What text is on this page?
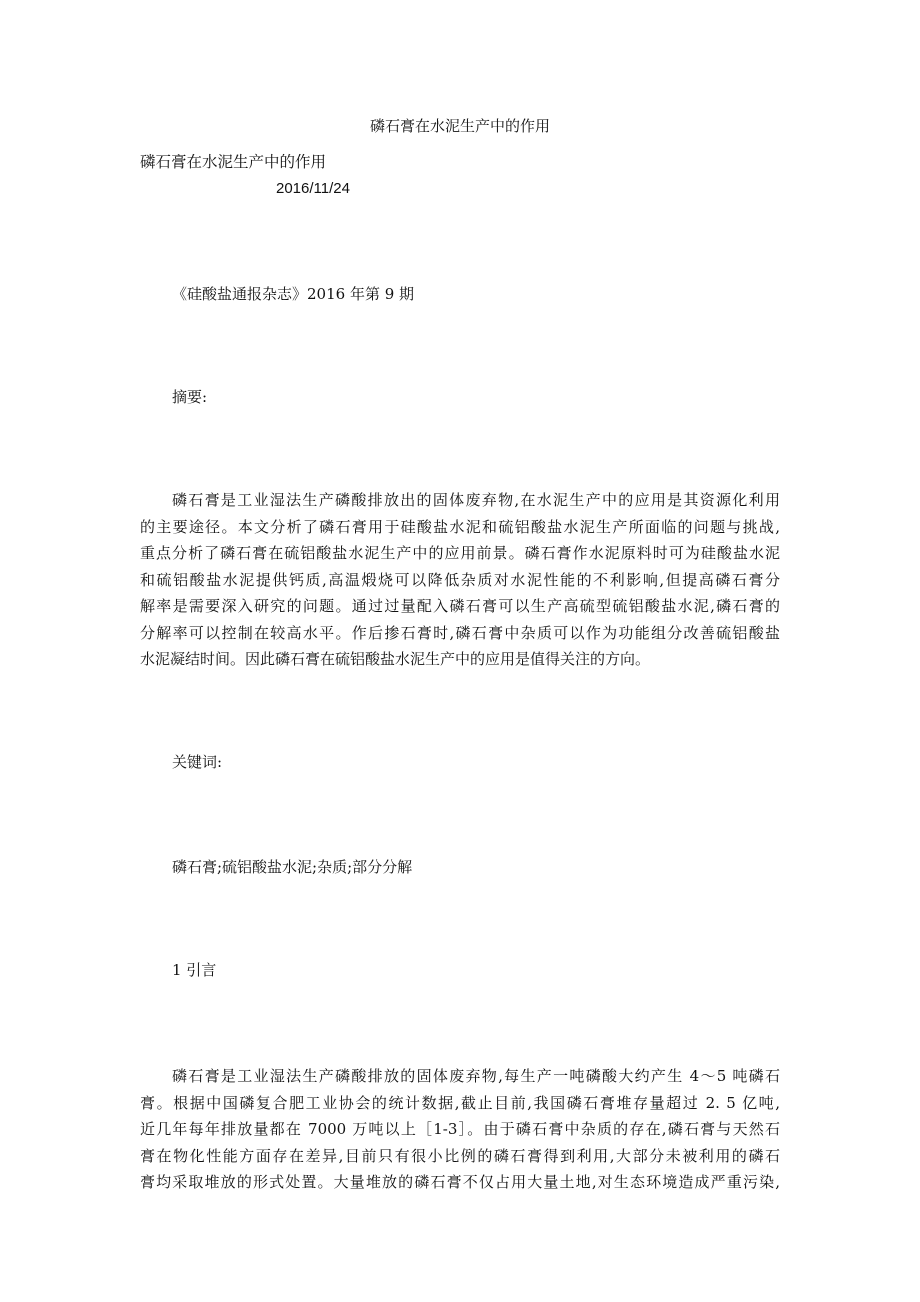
磷石膏在水泥生产中的作用
磷石膏在水泥生产中的作用
2016/11/24
《硅酸盐通报杂志》2016 年第 9 期
摘要:
磷石膏是工业湿法生产磷酸排放出的固体废弃物,在水泥生产中的应用是其资源化利用
的主要途径。本文分析了磷石膏用于硅酸盐水泥和硫铝酸盐水泥生产所面临的问题与挑战,
重点分析了磷石膏在硫铝酸盐水泥生产中的应用前景。磷石膏作水泥原料时可为硅酸盐水泥
和硫铝酸盐水泥提供钙质,高温煅烧可以降低杂质对水泥性能的不利影响,但提高磷石膏分
解率是需要深入研究的问题。通过过量配入磷石膏可以生产高硫型硫铝酸盐水泥,磷石膏的
分解率可以控制在较高水平。作后掺石膏时,磷石膏中杂质可以作为功能组分改善硫铝酸盐
水泥凝结时间。因此磷石膏在硫铝酸盐水泥生产中的应用是值得关注的方向。
关键词:
磷石膏;硫铝酸盐水泥;杂质;部分分解
1 引言
磷石膏是工业湿法生产磷酸排放的固体废弃物,每生产一吨磷酸大约产生 4～5 吨磷石
膏。根据中国磷复合肥工业协会的统计数据,截止目前,我国磷石膏堆存量超过 2. 5 亿吨,
近几年每年排放量都在 7000 万吨以上［1-3］。由于磷石膏中杂质的存在,磷石膏与天然石
膏在物化性能方面存在差异,目前只有很小比例的磷石膏得到利用,大部分未被利用的磷石
膏均采取堆放的形式处置。大量堆放的磷石膏不仅占用大量土地,对生态环境造成严重污染,
